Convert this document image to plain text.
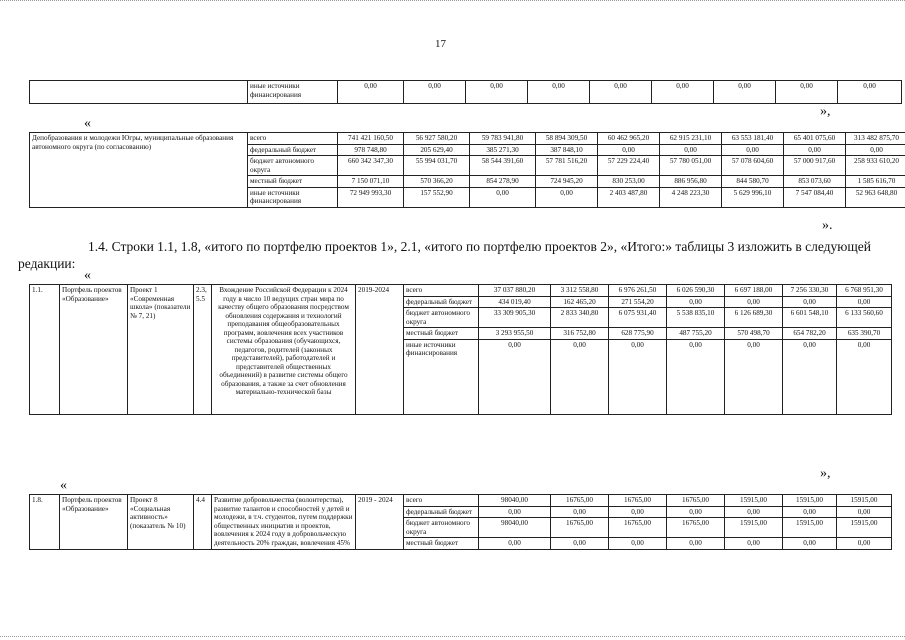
17
	иные источники финансирования	0,00	0,00	0,00	0,00	0,00	0,00	0,00	0,00	0,00
»,
«
Депобразования и молодежи Югры, муниципальные образования автономного округа (по согласованию)	всего	741 421 160,50	56 927 580,20	59 783 941,80	58 894 309,50	60 462 965,20	62 915 231,10	63 553 181,40	65 401 075,60	313 482 875,70
	федеральный бюджет	978 748,80	205 629,40	385 271,30	387 848,10	0,00	0,00	0,00	0,00	0,00
	бюджет автономного округа	660 342 347,30	55 994 031,70	58 544 391,60	57 781 516,20	57 229 224,40	57 780 051,00	57 078 604,60	57 000 917,60	258 933 610,20
	местный бюджет	7 150 071,10	570 366,20	854 278,90	724 945,20	830 253,00	886 956,80	844 580,70	853 073,60	1 585 616,70
	иные источники финансирования	72 949 993,30	157 552,90	0,00	0,00	2 403 487,80	4 248 223,30	5 629 996,10	7 547 084,40	52 963 648,80
».
1.4. Строки 1.1, 1.8, «итого по портфелю проектов 1», 2.1, «итого по портфелю проектов 2», «Итого:» таблицы 3 изложить в следующей редакции:
«
1.1.	Портфель проектов «Образование»	Проект 1 «Современная школа» (показатели № 7, 21)	2.3, 5.5	Вхождение Российской Федерации к 2024 году в число 10 ведущих стран мира по качеству общего образования посредством обновления содержания и технологий преподавания общеобразовательных программ, вовлечения всех участников системы образования (обучающихся, педагогов, родителей (законных представителей), работодателей и представителей общественных объединений) в развитие системы общего образования, а также за счет обновления материально-технической базы	2019-2024	всего	37 037 880,20	3 312 558,80	6 976 261,50	6 026 590,30	6 697 188,00	7 256 330,30	6 768 951,30
						федеральный бюджет	434 019,40	162 465,20	271 554,20	0,00	0,00	0,00	0,00
						бюджет автономного округа	33 309 905,30	2 833 340,80	6 075 931,40	5 538 835,10	6 126 689,30	6 601 548,10	6 133 560,60
						местный бюджет	3 293 955,50	316 752,80	628 775,90	487 755,20	570 498,70	654 782,20	635 390,70
						иные источники финансирования	0,00	0,00	0,00	0,00	0,00	0,00	0,00
«
»,
1.8.	Портфель проектов «Образование»	Проект 8 «Социальная активность» (показатель № 10)	4.4	Развитие добровольчества (волонтерства), развитие талантов и способностей у детей и молодежи, в т.ч. студентов, путем поддержки общественных инициатив и проектов, вовлечения к 2024 году в добровольческую деятельность 20% граждан, вовлечения 45%	2019 - 2024	всего	98040,00	16765,00	16765,00	16765,00	15915,00	15915,00	15915,00
						федеральный бюджет	0,00	0,00	0,00	0,00	0,00	0,00	0,00
						бюджет автономного округа	98040,00	16765,00	16765,00	16765,00	15915,00	15915,00	15915,00
						местный бюджет	0,00	0,00	0,00	0,00	0,00	0,00	0,00
